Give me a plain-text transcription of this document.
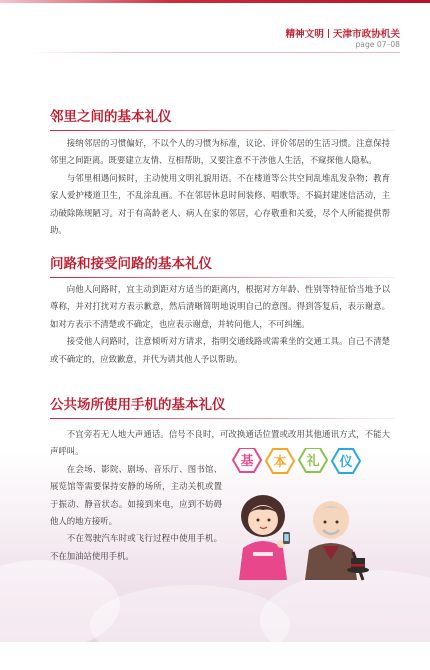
精神文明 天津市政协机关
page 07–08
邻里之间的基本礼仪

接纳邻居的习惯偏好，不以个人的习惯为标准，议论、评价邻居的生活习惯。注意保持邻里之间距离。既要建立友情、互相帮助，又要注意不干涉他人生活，不窥探他人隐私。

与邻里相遇问候时，主动使用文明礼貌用语。不在楼道等公共空间乱堆乱发杂物；教育家人爱护楼道卫生，不乱涂乱画。不在邻居休息时间装修、唱歌等。不搞封建迷信活动，主动破除陈规陋习。对于有高龄老人、病人在家的邻居，心存敬重和关爱，尽个人所能提供帮助。

问路和接受问路的基本礼仪

向他人问路时，宜主动到距对方适当的距离内，根据对方年龄、性别等特征恰当地予以尊称，并对打扰对方表示歉意，然后清晰简明地说明自己的意图。得到答复后，表示谢意。如对方表示不清楚或不确定，也应表示谢意，并转问他人，不可纠缠。

接受他人问路时，注意倾听对方请求，指明交通线路或需乘坐的交通工具。自己不清楚或不确定的，应致歉意，并代为请其他人予以帮助。

公共场所使用手机的基本礼仪

不宜旁若无人地大声通话。信号不良时，可改换通话位置或改用其他通讯方式，不能大声呼叫。

在会场、影院、剧场、音乐厅、图书馆、展览馆等需要保持安静的场所，主动关机或置于振动、静音状态。如接到来电，应到不妨碍他人的地方接听。

不在驾驶汽车时或飞行过程中使用手机。不在加油站使用手机。

基 本 礼 仪
